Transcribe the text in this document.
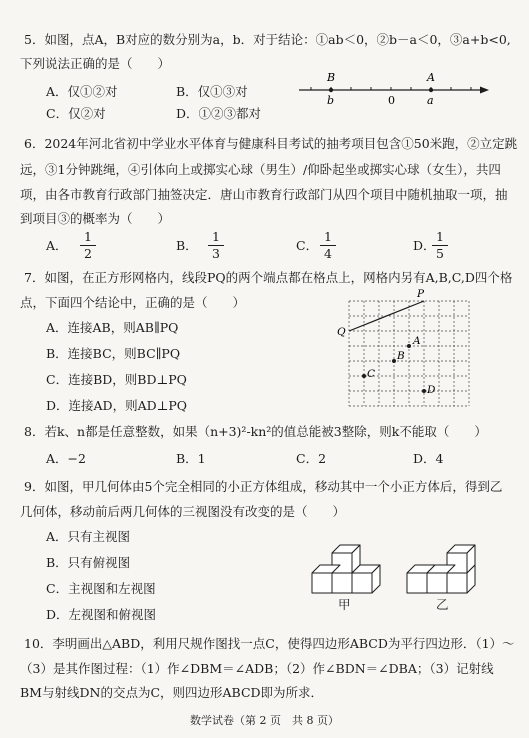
5．如图，点A，B对应的数分别为a，b．对于结论：①ab＜0，②b－a＜0，③a+b<0,
下列说法正确的是（　　）
A．仅①②对	B．仅①③对
C．仅②对	D．①②③都对
B	A
b	0	a
6．2024年河北省初中学业水平体育与健康科目考试的抽考项目包含①50米跑，②立定跳
远，③1分钟跳绳，④引体向上或掷实心球（男生）/仰卧起坐或掷实心球（女生），共四
项，由各市教育行政部门抽签决定．唐山市教育行政部门从四个项目中随机抽取一项，抽
到项目③的概率为（　　）
A． $\frac{1}{2}$	B． $\frac{1}{3}$	C． $\frac{1}{4}$	D．
$\frac{1}{5}$
7．如图，在正方形网格内，线段PQ的两个端点都在格点上，网格内另有A,B,C,D四个格
点，下面四个结论中，正确的是（　　）
A．连接AB，则AB∥PQ
B．连接BC，则BC∥PQ
C．连接BD，则BD⊥PQ
D．连接AD，则AD⊥PQ
P
Q
A
B
C
D
8．若k、n都是任意整数，如果（n+3)²-kn²的值总能被3整除，则k不能取（　　）
A．−2	B．1	C．2	D．4
9．如图，甲几何体由5个完全相同的小正方体组成，移动其中一个小正方体后，得到乙
几何体，移动前后两几何体的三视图没有改变的是（　　）
A．只有主视图
B．只有俯视图
C．主视图和左视图
D．左视图和俯视图
甲	乙
10．李明画出△ABD，利用尺规作图找一点C，使得四边形ABCD为平行四边形．（1）～
（3）是其作图过程：（1）作∠DBM＝∠ADB；（2）作∠BDN＝∠DBA；（3）记射线
BM与射线DN的交点为C，则四边形ABCD即为所求．
数学试卷（第 2 页　共 8 页）
